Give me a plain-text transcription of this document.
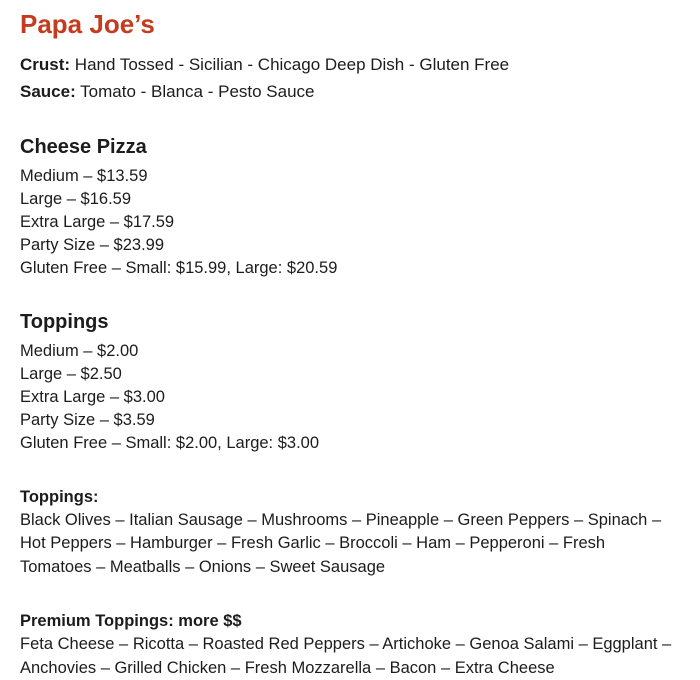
Papa Joe’s

Crust: Hand Tossed - Sicilian - Chicago Deep Dish - Gluten Free

Sauce: Tomato - Blanca - Pesto Sauce

Cheese Pizza
Medium – $13.59
Large – $16.59
Extra Large – $17.59
Party Size – $23.99
Gluten Free – Small: $15.99, Large: $20.59
Toppings
Medium – $2.00
Large – $2.50
Extra Large – $3.00
Party Size – $3.59
Gluten Free – Small: $2.00, Large: $3.00
Toppings:
Black Olives – Italian Sausage – Mushrooms – Pineapple – Green Peppers – Spinach – Hot Peppers – Hamburger – Fresh Garlic – Broccoli – Ham – Pepperoni – Fresh Tomatoes – Meatballs – Onions – Sweet Sausage
Premium Toppings: more $$
Feta Cheese – Ricotta – Roasted Red Peppers – Artichoke – Genoa Salami – Eggplant – Anchovies – Grilled Chicken – Fresh Mozzarella – Bacon – Extra Cheese
